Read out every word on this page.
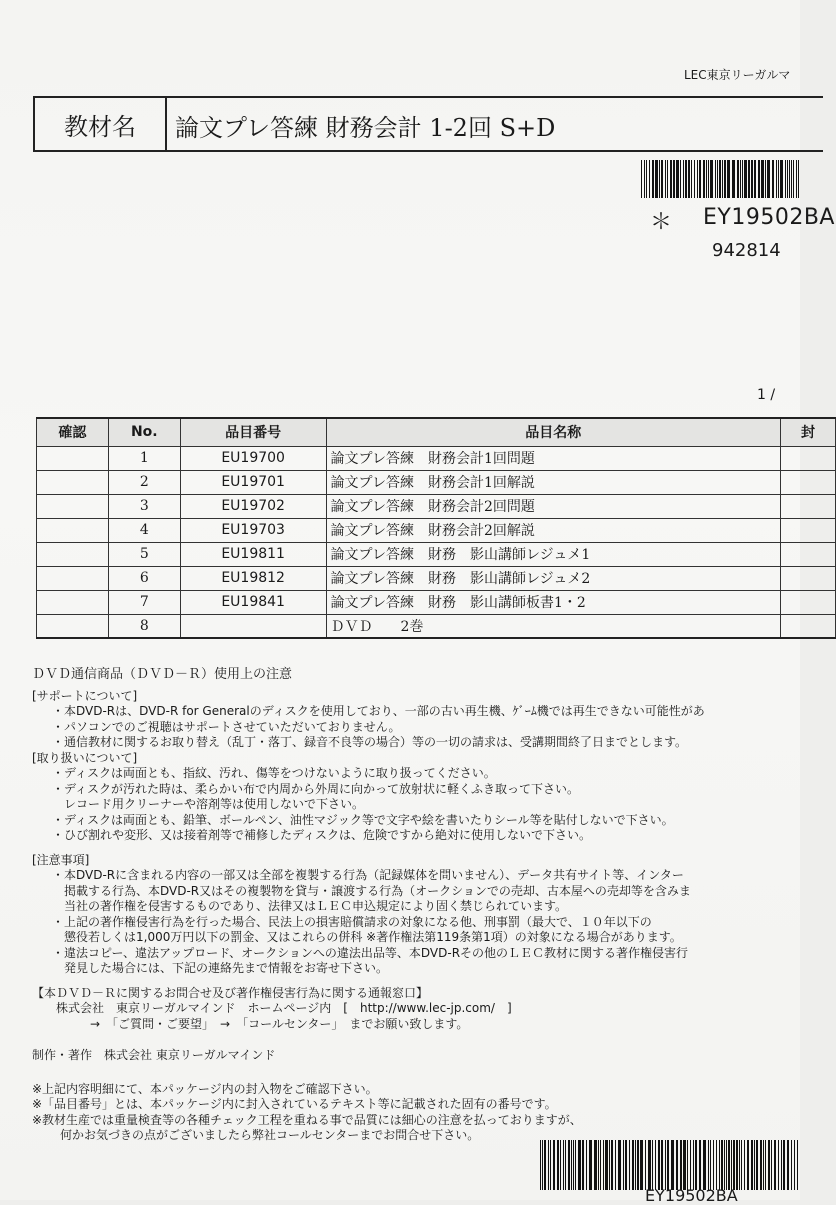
LEC東京リーガルマ
教材名	論文プレ答練 財務会計 1-2回 S+D
＊ EY19502BA
942814
1 /
確認	No.	品目番号	品目名称	封
	1	EU19700	論文プレ答練　財務会計1回問題	
	2	EU19701	論文プレ答練　財務会計1回解説	
	3	EU19702	論文プレ答練　財務会計2回問題	
	4	EU19703	論文プレ答練　財務会計2回解説	
	5	EU19811	論文プレ答練　財務　影山講師レジュメ1	
	6	EU19812	論文プレ答練　財務　影山講師レジュメ2	
	7	EU19841	論文プレ答練　財務　影山講師板書1・2	
	8		ＤＶＤ　　2巻	
ＤＶＤ通信商品（ＤＶＤ－Ｒ）使用上の注意
[サポートについて]
・本DVD-Rは、DVD-R for Generalのディスクを使用しており、一部の古い再生機、ｹﾞｰﾑ機では再生できない可能性があ
・パソコンでのご視聴はサポートさせていただいておりません。
・通信教材に関するお取り替え（乱丁・落丁、録音不良等の場合）等の一切の請求は、受講期間終了日までとします。
[取り扱いについて]
・ディスクは両面とも、指紋、汚れ、傷等をつけないように取り扱ってください。
・ディスクが汚れた時は、柔らかい布で内周から外周に向かって放射状に軽くふき取って下さい。
レコード用クリーナーや溶剤等は使用しないで下さい。
・ディスクは両面とも、鉛筆、ボールペン、油性マジック等で文字や絵を書いたりシール等を貼付しないで下さい。
・ひび割れや変形、又は接着剤等で補修したディスクは、危険ですから絶対に使用しないで下さい。
[注意事項]
・本DVD-Rに含まれる内容の一部又は全部を複製する行為（記録媒体を問いません）、データ共有サイト等、インター
掲載する行為、本DVD-R又はその複製物を貸与・譲渡する行為（オークションでの売却、古本屋への売却等を含みま
当社の著作権を侵害するものであり、法律又はＬＥＣ申込規定により固く禁じられています。
・上記の著作権侵害行為を行った場合、民法上の損害賠償請求の対象になる他、刑事罰（最大で、１０年以下の
懲役若しくは1,000万円以下の罰金、又はこれらの併科 ※著作権法第119条第1項）の対象になる場合があります。
・違法コピー、違法アップロード、オークションへの違法出品等、本DVD-Rその他のＬＥＣ教材に関する著作権侵害行
発見した場合には、下記の連絡先まで情報をお寄せ下さい。
【本ＤＶＤ－Ｒに関するお問合せ及び著作権侵害行為に関する通報窓口】
株式会社　東京リーガルマインド　ホームページ内　[　http://www.lec-jp.com/　]
→　「ご質問・ご要望」　→　「コールセンター」　までお願い致します。
制作・著作　株式会社 東京リーガルマインド
※上記内容明細にて、本パッケージ内の封入物をご確認下さい。
※「品目番号」とは、本パッケージ内に封入されているテキスト等に記載された固有の番号です。
※教材生産では重量検査等の各種チェック工程を重ねる事で品質には細心の注意を払っておりますが、
何かお気づきの点がございましたら弊社コールセンターまでお問合せ下さい。
EY19502BA
